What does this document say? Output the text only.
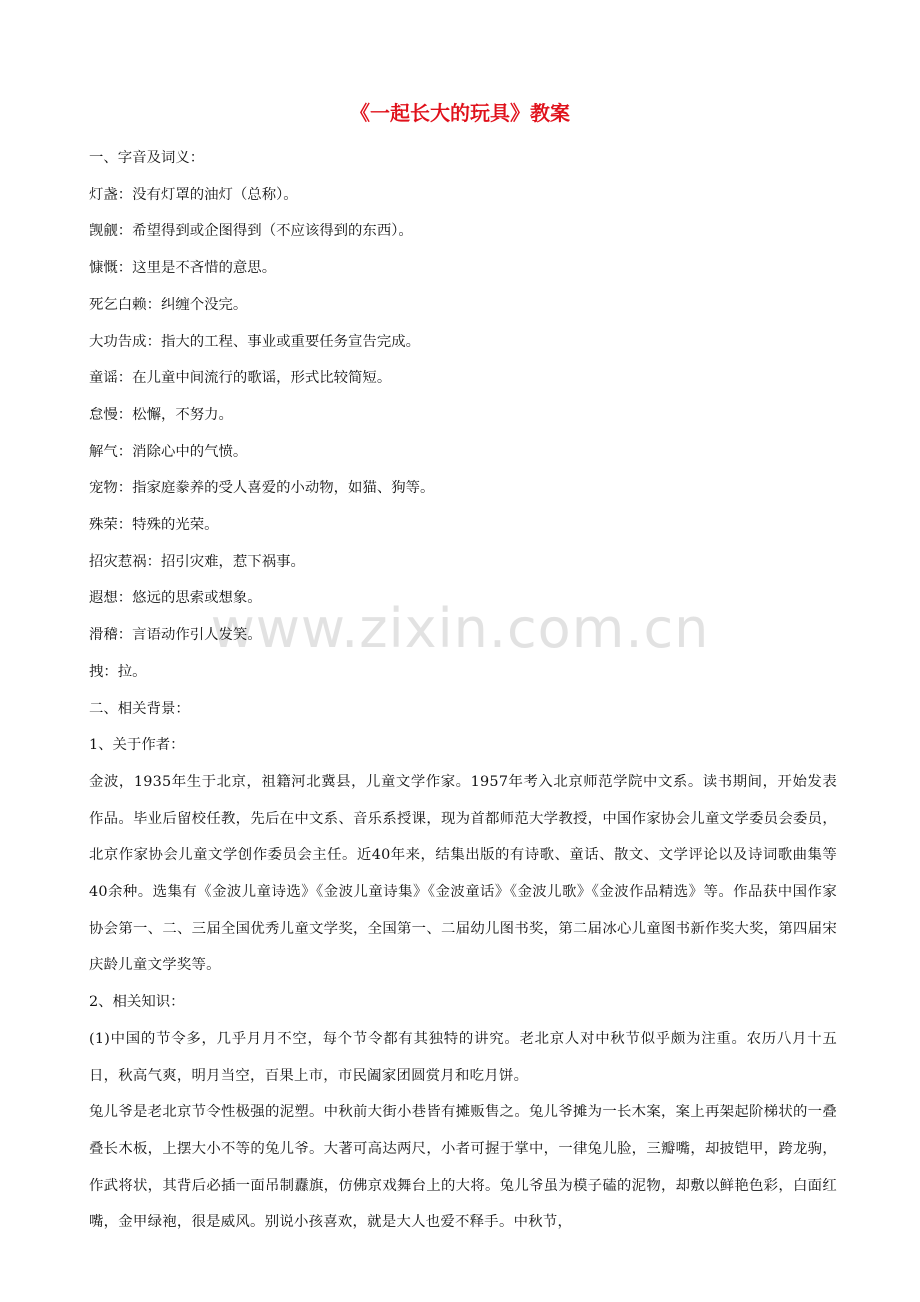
《一起长大的玩具》教案
www.zixin.com.cn

一、字音及词义：

灯盏：没有灯罩的油灯（总称）。

觊觎：希望得到或企图得到（不应该得到的东西）。

慷慨：这里是不吝惜的意思。

死乞白赖：纠缠个没完。

大功告成：指大的工程、事业或重要任务宣告完成。

童谣：在儿童中间流行的歌谣，形式比较简短。

怠慢：松懈，不努力。

解气：消除心中的气愤。

宠物：指家庭豢养的受人喜爱的小动物，如猫、狗等。

殊荣：特殊的光荣。

招灾惹祸：招引灾难，惹下祸事。

遐想：悠远的思索或想象。

滑稽：言语动作引人发笑。

拽：拉。

二、相关背景：

1、关于作者：

金波，1935年生于北京，祖籍河北冀县，儿童文学作家。1957年考入北京师范学院中文系。读书期间，开始发表作品。毕业后留校任教，先后在中文系、音乐系授课，现为首都师范大学教授，中国作家协会儿童文学委员会委员，北京作家协会儿童文学创作委员会主任。近40年来，结集出版的有诗歌、童话、散文、文学评论以及诗词歌曲集等40余种。选集有《金波儿童诗选》《金波儿童诗集》《金波童话》《金波儿歌》《金波作品精选》等。作品获中国作家协会第一、二、三届全国优秀儿童文学奖，全国第一、二届幼儿图书奖，第二届冰心儿童图书新作奖大奖，第四届宋庆龄儿童文学奖等。

2、相关知识：

(1)中国的节令多，几乎月月不空，每个节令都有其独特的讲究。老北京人对中秋节似乎颇为注重。农历八月十五日，秋高气爽，明月当空，百果上市，市民阖家团圆赏月和吃月饼。

兔儿爷是老北京节令性极强的泥塑。中秋前大街小巷皆有摊贩售之。兔儿爷摊为一长木案，案上再架起阶梯状的一叠叠长木板，上摆大小不等的兔儿爷。大著可高达两尺，小者可握于掌中，一律兔儿脸，三瓣嘴，却披铠甲，跨龙驹，作武将状，其背后必插一面吊制纛旗，仿佛京戏舞台上的大将。兔儿爷虽为模子磕的泥物，却敷以鲜艳色彩，白面红嘴，金甲绿袍，很是威风。别说小孩喜欢，就是大人也爱不释手。中秋节，
